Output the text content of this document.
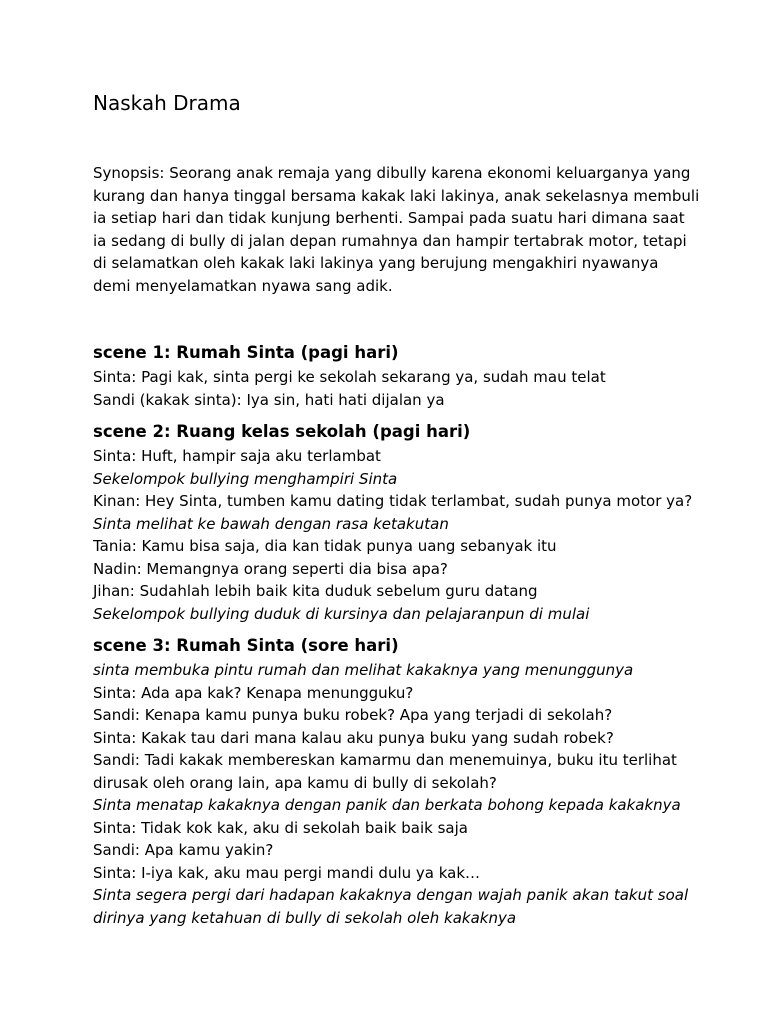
Naskah Drama

Synopsis: Seorang anak remaja yang dibully karena ekonomi keluarganya yang
kurang dan hanya tinggal bersama kakak laki lakinya, anak sekelasnya membuli
ia setiap hari dan tidak kunjung berhenti. Sampai pada suatu hari dimana saat
ia sedang di bully di jalan depan rumahnya dan hampir tertabrak motor, tetapi
di selamatkan oleh kakak laki lakinya yang berujung mengakhiri nyawanya
demi menyelamatkan nyawa sang adik.

scene 1: Rumah Sinta (pagi hari)
Sinta: Pagi kak, sinta pergi ke sekolah sekarang ya, sudah mau telat
Sandi (kakak sinta): Iya sin, hati hati dijalan ya
scene 2: Ruang kelas sekolah (pagi hari)
Sinta: Huft, hampir saja aku terlambat
Sekelompok bullying menghampiri Sinta
Kinan: Hey Sinta, tumben kamu dating tidak terlambat, sudah punya motor ya?
Sinta melihat ke bawah dengan rasa ketakutan
Tania: Kamu bisa saja, dia kan tidak punya uang sebanyak itu
Nadin: Memangnya orang seperti dia bisa apa?
Jihan: Sudahlah lebih baik kita duduk sebelum guru datang
Sekelompok bullying duduk di kursinya dan pelajaranpun di mulai
scene 3: Rumah Sinta (sore hari)
sinta membuka pintu rumah dan melihat kakaknya yang menunggunya
Sinta: Ada apa kak? Kenapa menungguku?
Sandi: Kenapa kamu punya buku robek? Apa yang terjadi di sekolah?
Sinta: Kakak tau dari mana kalau aku punya buku yang sudah robek?
Sandi: Tadi kakak membereskan kamarmu dan menemuinya, buku itu terlihat
dirusak oleh orang lain, apa kamu di bully di sekolah?
Sinta menatap kakaknya dengan panik dan berkata bohong kepada kakaknya
Sinta: Tidak kok kak, aku di sekolah baik baik saja
Sandi: Apa kamu yakin?
Sinta: I-iya kak, aku mau pergi mandi dulu ya kak…
Sinta segera pergi dari hadapan kakaknya dengan wajah panik akan takut soal
dirinya yang ketahuan di bully di sekolah oleh kakaknya
